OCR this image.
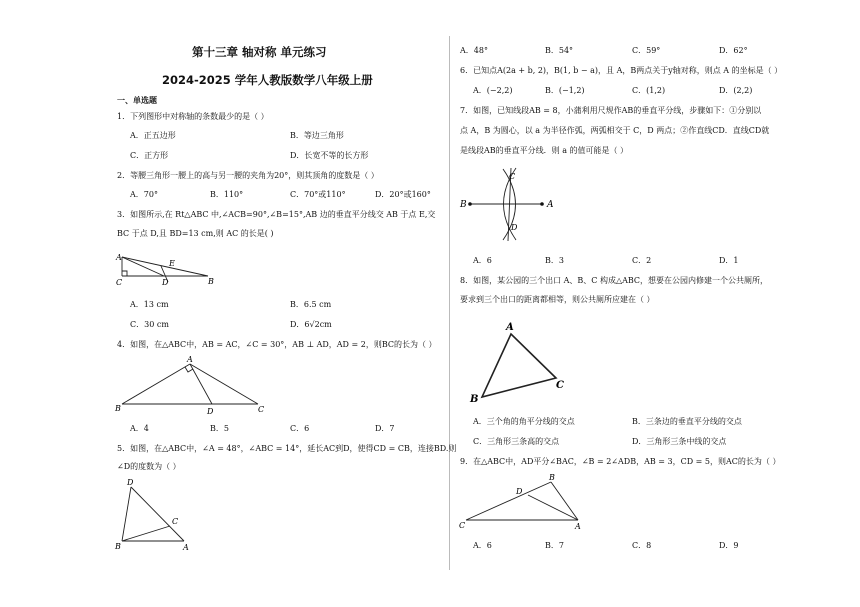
第十三章 轴对称 单元练习
2024-2025 学年人教版数学八年级上册
一、单选题
1．下列图形中对称轴的条数最少的是（ ）
A．正五边形	B．等边三角形
C．正方形	D．长宽不等的长方形
2．等腰三角形一腰上的高与另一腰的夹角为20°，则其顶角的度数是（ ）
A．70°	B．110°	C．70°或110°	D．20°或160°
3．如图所示,在 Rt△ABC 中,∠ACB=90°,∠B=15°,AB 边的垂直平分线交 AB 于点 E,交
BC 于点 D,且 BD=13 cm,则 AC 的长是( )
A
C	D
E
B
A．13 cm	B．6.5 cm
C．30 cm	D．6√2cm
4．如图，在△ABC中，AB = AC，∠C = 30°，AB ⊥ AD，AD = 2，则BC的长为（ ）
A
B	D	C
A．4	B．5	C．6	D．7
5．如图，在△ABC中，∠A = 48°，∠ABC = 14°，延长AC到D，使得CD = CB，连接BD.则
∠D的度数为（ ）
D
C
B	A
A．48°	B．54°	C．59°	D．62°
6．已知点A(2a + b, 2)，B(1, b − a)，且 A，B两点关于y轴对称，则点 A 的坐标是（ ）
A．(−2,2)	B．(−1,2)	C．(1,2)	D．(2,2)
7．如图，已知线段AB = 8，小蒲利用尺规作AB的垂直平分线，步骤如下：①分别以
点 A，B 为圆心，以 a 为半径作弧，两弧相交于 C，D 两点；②作直线CD．直线CD就
是线段AB的垂直平分线．则 a 的值可能是（ ）
B	A
C
D
A．6	B．3	C．2	D．1
8．如图，某公园的三个出口 A、B、C 构成△ABC，想要在公园内修建一个公共厕所，
要求到三个出口的距离都相等，则公共厕所应建在（ ）
A
B
C
A．三个角的角平分线的交点	B．三条边的垂直平分线的交点
C．三角形三条高的交点	D．三角形三条中线的交点
9．在△ABC中，AD平分∠BAC，∠B = 2∠ADB，AB = 3，CD = 5，则AC的长为（ ）
B
D
C	A
A．6	B．7	C．8	D．9
